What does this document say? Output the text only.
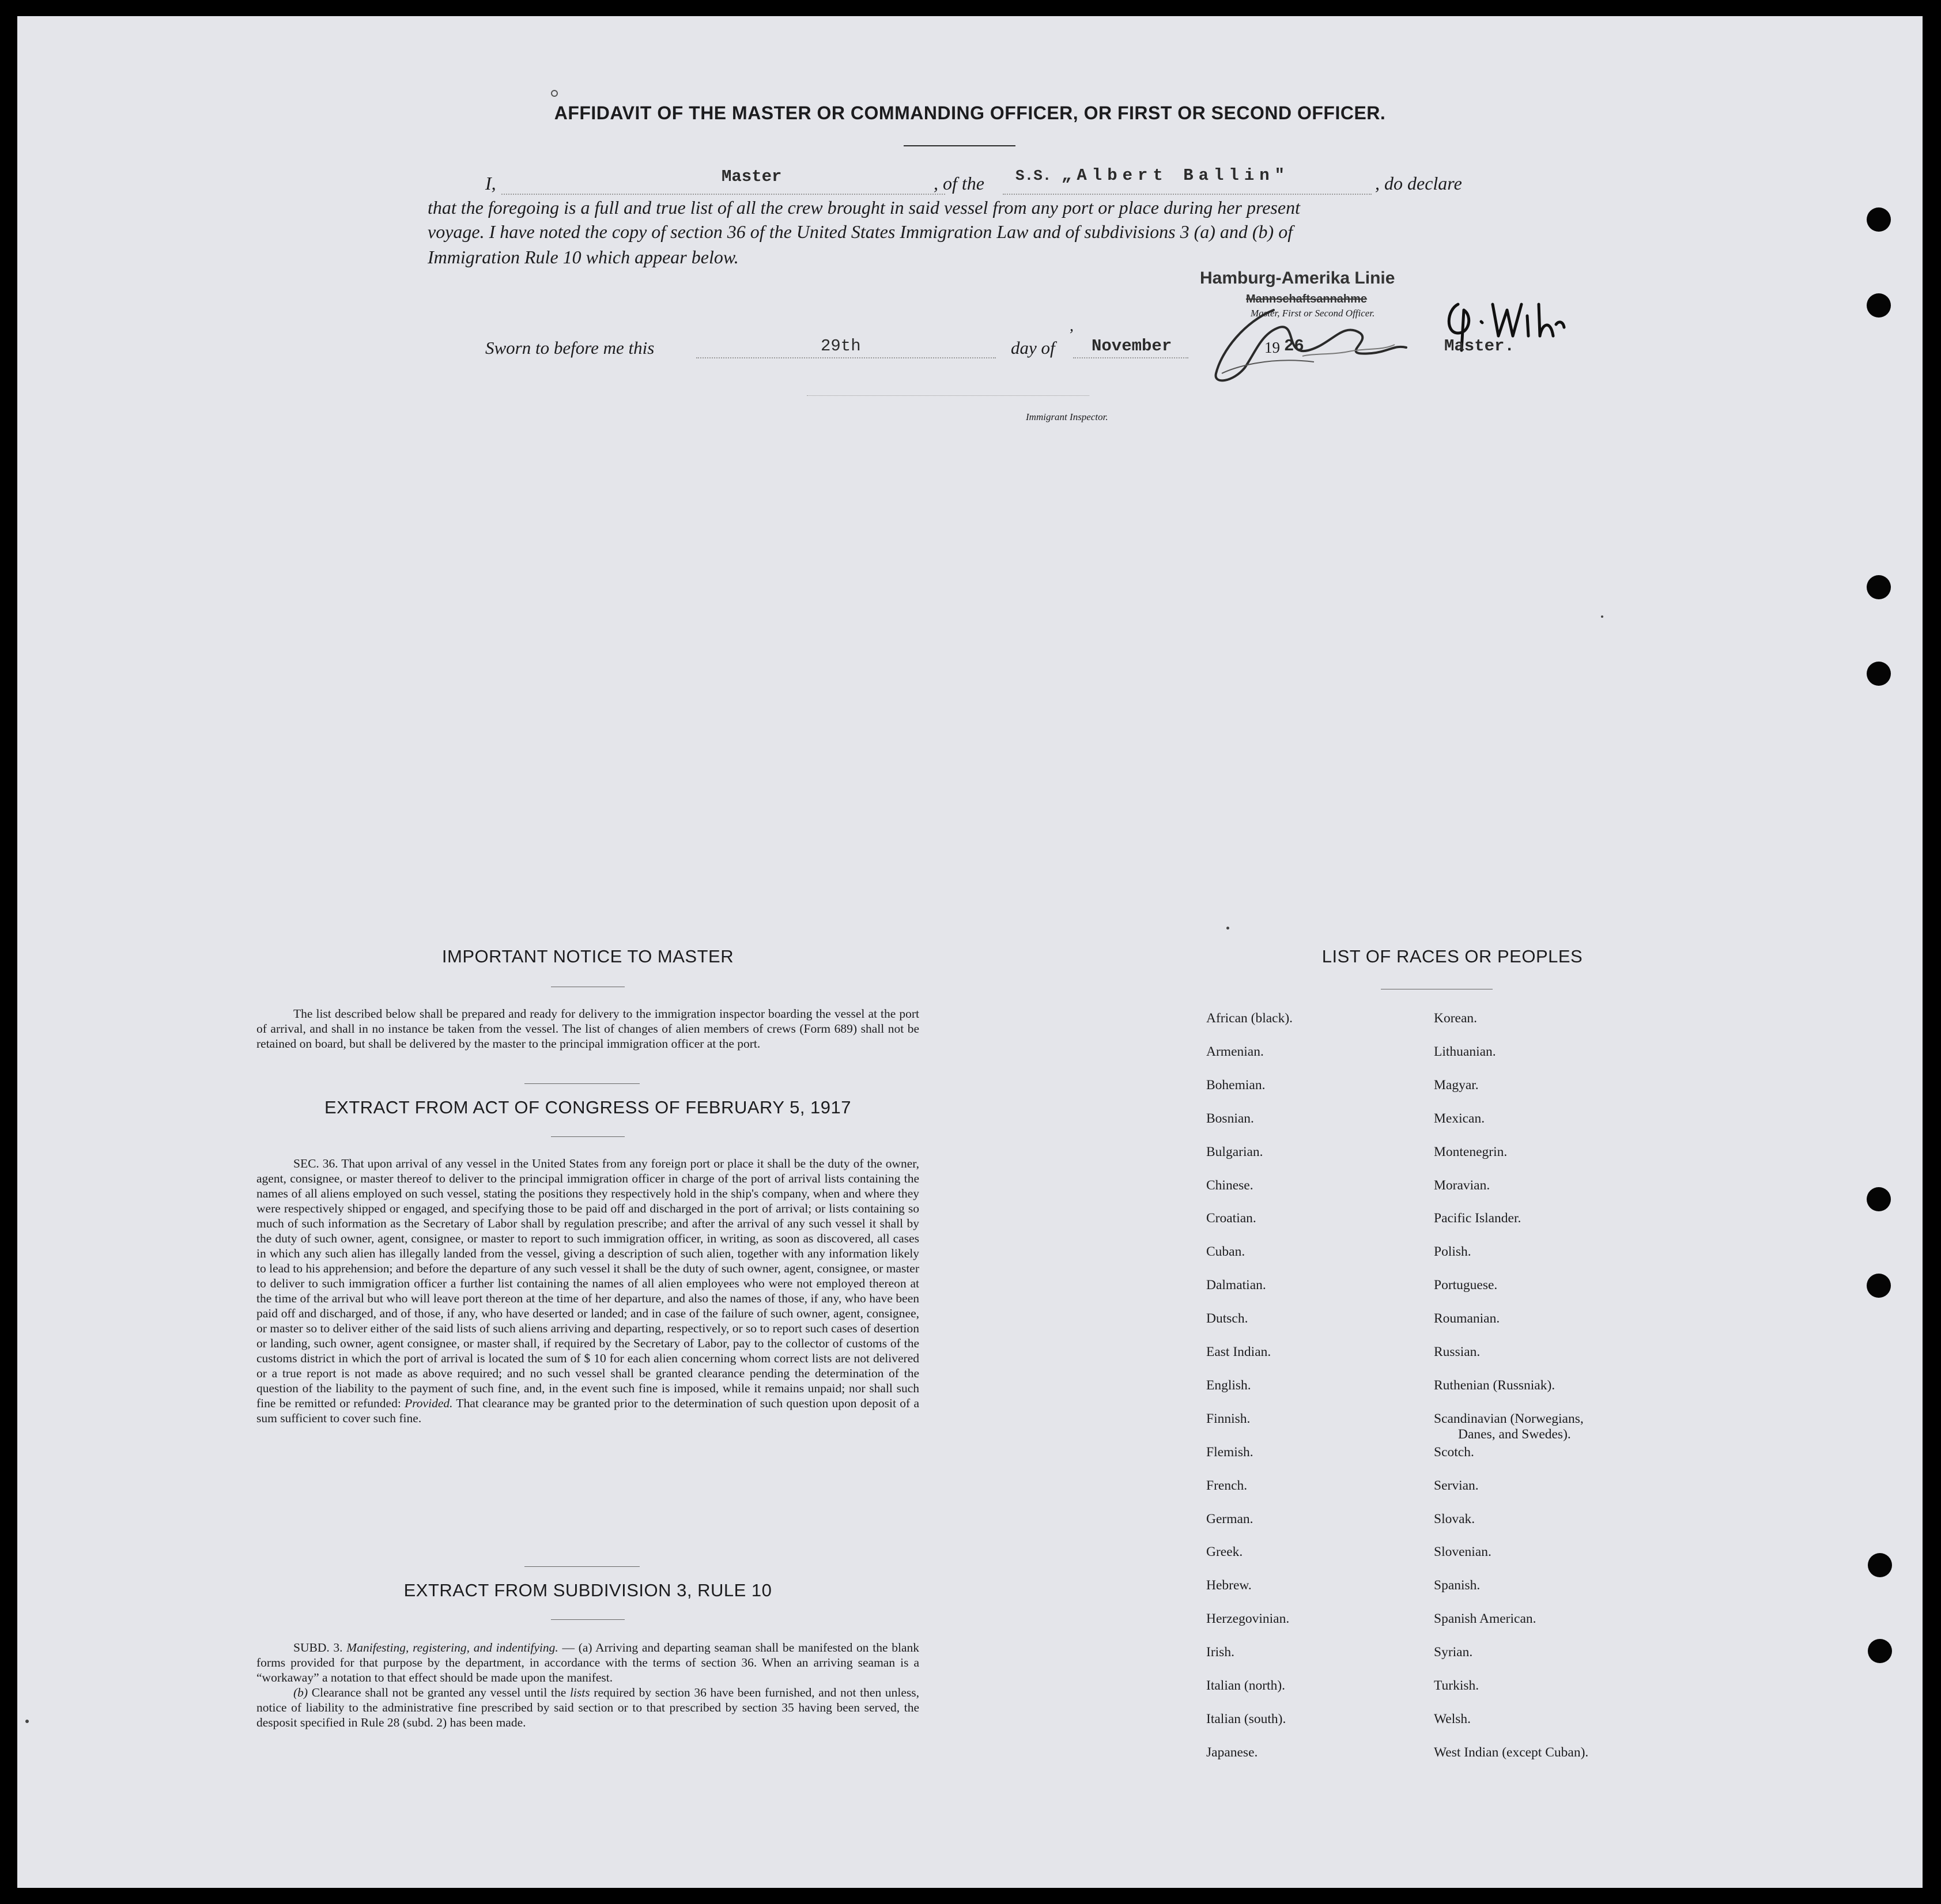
AFFIDAVIT OF THE MASTER OR COMMANDING OFFICER, OR FIRST OR SECOND OFFICER.
I,	Master	, of the S.S. „Albert Ballin"	, do declare
that the foregoing is a full and true list of all the crew brought in said vessel from any port or place during her present
voyage. I have noted the copy of section 36 of the United States Immigration Law and of subdivisions 3 (a) and (b) of
Immigration Rule 10 which appear below.
Hamburg-Amerika Linie
Mannschaftsannahme
Master, First or Second Officer.
Sworn to before me this	29th	day of
,
November	19 26	Master.
Immigrant Inspector.
IMPORTANT NOTICE TO MASTER

The list described below shall be prepared and ready for delivery to the immigration inspector boarding the vessel at the port of arrival, and shall in no instance be taken from the vessel. The list of changes of alien members of crews (Form 689) shall not be retained on board, but shall be delivered by the master to the principal immigration officer at the port.

EXTRACT FROM ACT OF CONGRESS OF FEBRUARY 5, 1917

SEC. 36. That upon arrival of any vessel in the United States from any foreign port or place it shall be the duty of the owner, agent, consignee, or master thereof to deliver to the principal immigration officer in charge of the port of arrival lists containing the names of all aliens employed on such vessel, stating the positions they respectively hold in the ship's company, when and where they were respectively shipped or engaged, and specifying those to be paid off and discharged in the port of arrival; or lists containing so much of such information as the Secretary of Labor shall by regulation prescribe; and after the arrival of any such vessel it shall by the duty of such owner, agent, consignee, or master to report to such immigration officer, in writing, as soon as discovered, all cases in which any such alien has illegally landed from the vessel, giving a description of such alien, together with any information likely to lead to his apprehension; and before the departure of any such vessel it shall be the duty of such owner, agent, consignee, or master to deliver to such immigration officer a further list containing the names of all alien employees who were not employed thereon at the time of the arrival but who will leave port thereon at the time of her departure, and also the names of those, if any, who have been paid off and discharged, and of those, if any, who have deserted or landed; and in case of the failure of such owner, agent, consignee, or master so to deliver either of the said lists of such aliens arriving and departing, respectively, or so to report such cases of desertion or landing, such owner, agent consignee, or master shall, if required by the Secretary of Labor, pay to the collector of customs of the customs district in which the port of arrival is located the sum of $ 10 for each alien concerning whom correct lists are not delivered or a true report is not made as above required; and no such vessel shall be granted clearance pending the determination of the question of the liability to the payment of such fine, and, in the event such fine is imposed, while it remains unpaid; nor shall such fine be remitted or refunded: Provided. That clearance may be granted prior to the determination of such question upon deposit of a sum sufficient to cover such fine.

EXTRACT FROM SUBDIVISION 3, RULE 10

SUBD. 3. Manifesting, registering, and indentifying. — (a) Arriving and departing seaman shall be manifested on the blank forms provided for that purpose by the department, in accordance with the terms of section 36. When an arriving seaman is a “workaway” a notation to that effect should be made upon the manifest.

(b) Clearance shall not be granted any vessel until the lists required by section 36 have been furnished, and not then unless, notice of liability to the administrative fine prescribed by said section or to that prescribed by section 35 having been served, the desposit specified in Rule 28 (subd. 2) has been made.

LIST OF RACES OR PEOPLES
African (black).
Armenian.
Bohemian.
Bosnian.
Bulgarian.
Chinese.
Croatian.
Cuban.
Dalmatian.
Dutsch.
East Indian.
English.
Finnish.
Flemish.
French.
German.
Greek.
Hebrew.
Herzegovinian.
Irish.
Italian (north).
Italian (south).
Japanese.
Korean.
Lithuanian.
Magyar.
Mexican.
Montenegrin.
Moravian.
Pacific Islander.
Polish.
Portuguese.
Roumanian.
Russian.
Ruthenian (Russniak).
Scandinavian (Norwegians,
Danes, and Swedes).
Scotch.
Servian.
Slovak.
Slovenian.
Spanish.
Spanish American.
Syrian.
Turkish.
Welsh.
West Indian (except Cuban).
